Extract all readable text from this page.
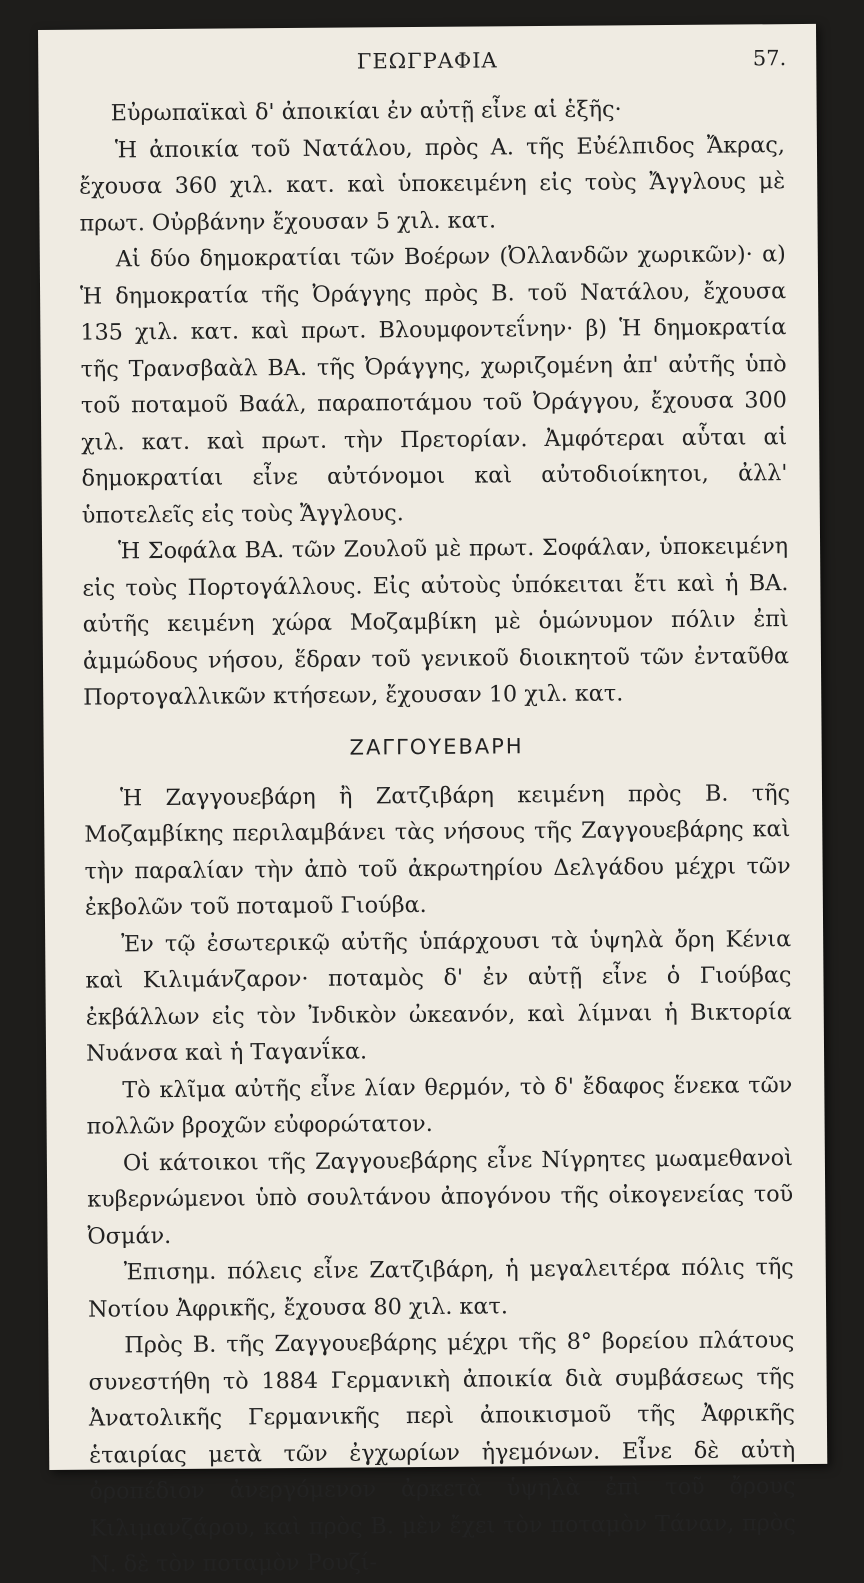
ΓΕΩΓΡΑΦΙΑ	57.

Εὐρωπαϊκαὶ δ' ἀποικίαι ἐν αὐτῇ εἶνε αἱ ἑξῆς·

Ἡ ἀποικία τοῦ Νατάλου, πρὸς Α. τῆς Εὐέλπιδος Ἄκρας, ἔχουσα 360 χιλ. κατ. καὶ ὑποκειμένη εἰς τοὺς Ἄγγλους μὲ πρωτ. Οὐρβάνην ἔχουσαν 5 χιλ. κατ.

Αἱ δύο δημοκρατίαι τῶν Βοέρων (Ὀλλανδῶν χωρικῶν)· α) Ἡ δημοκρατία τῆς Ὀράγγης πρὸς Β. τοῦ Νατάλου, ἔχουσα 135 χιλ. κατ. καὶ πρωτ. Βλουμφοντεΐνην· β) Ἡ δημοκρατία τῆς Τρανσβαὰλ ΒΑ. τῆς Ὀράγγης, χωριζομένη ἀπ' αὐτῆς ὑπὸ τοῦ ποταμοῦ Βαάλ, παραποτάμου τοῦ Ὀράγγου, ἔχουσα 300 χιλ. κατ. καὶ πρωτ. τὴν Πρετορίαν. Ἀμφότεραι αὗται αἱ δημοκρατίαι εἶνε αὐτόνομοι καὶ αὐτοδιοίκητοι, ἀλλ' ὑποτελεῖς εἰς τοὺς Ἄγγλους.

Ἡ Σοφάλα ΒΑ. τῶν Ζουλοῦ μὲ πρωτ. Σοφάλαν, ὑποκειμένη εἰς τοὺς Πορτογάλλους. Εἰς αὐτοὺς ὑπόκειται ἔτι καὶ ἡ ΒΑ. αὐτῆς κειμένη χώρα Μοζαμβίκη μὲ ὁμώνυμον πόλιν ἐπὶ ἀμμώδους νήσου, ἕδραν τοῦ γενικοῦ διοικητοῦ τῶν ἐνταῦθα Πορτογαλλικῶν κτήσεων, ἔχουσαν 10 χιλ. κατ.

ΖΑΓΓΟΥΕΒΑΡΗ

Ἡ Ζαγγουεβάρη ἢ Ζατζιβάρη κειμένη πρὸς Β. τῆς Μοζαμβίκης περιλαμβάνει τὰς νήσους τῆς Ζαγγουεβάρης καὶ τὴν παραλίαν τὴν ἀπὸ τοῦ ἀκρωτηρίου Δελγάδου μέχρι τῶν ἐκβολῶν τοῦ ποταμοῦ Γιούβα.

Ἐν τῷ ἐσωτερικῷ αὐτῆς ὑπάρχουσι τὰ ὑψηλὰ ὄρη Κένια καὶ Κιλιμάνζαρον· ποταμὸς δ' ἐν αὐτῇ εἶνε ὁ Γιούβας ἐκβάλλων εἰς τὸν Ἰνδικὸν ὠκεανόν, καὶ λίμναι ἡ Βικτορία Νυάνσα καὶ ἡ Ταγανΐκα.

Τὸ κλῖμα αὐτῆς εἶνε λίαν θερμόν, τὸ δ' ἔδαφος ἕνεκα τῶν πολλῶν βροχῶν εὐφορώτατον.

Οἱ κάτοικοι τῆς Ζαγγουεβάρης εἶνε Νίγρητες μωαμεθανοὶ κυβερνώμενοι ὑπὸ σουλτάνου ἀπογόνου τῆς οἰκογενείας τοῦ Ὀσμάν.

Ἐπισημ. πόλεις εἶνε Ζατζιβάρη, ἡ μεγαλειτέρα πόλις τῆς Νοτίου Ἀφρικῆς, ἔχουσα 80 χιλ. κατ.

Πρὸς Β. τῆς Ζαγγουεβάρης μέχρι τῆς 8° βορείου πλάτους συνεστήθη τὸ 1884 Γερμανικὴ ἀποικία διὰ συμβάσεως τῆς Ἀνατολικῆς Γερμανικῆς περὶ ἀποικισμοῦ τῆς Ἀφρικῆς ἑταιρίας μετὰ τῶν ἐγχωρίων ἡγεμόνων. Εἶνε δὲ αὐτὴ ὀροπέδιον ἀνεργόμενον ἀρκετὰ ὑψηλὰ ἐπὶ τοῦ ὄρους Κιλιμανζάρου, καὶ πρὸς Β. μὲν ἔχει τὸν ποταμὸν Τάναν, πρὸς Ν. δὲ τὸν ποταμὸν Ρουζί-
